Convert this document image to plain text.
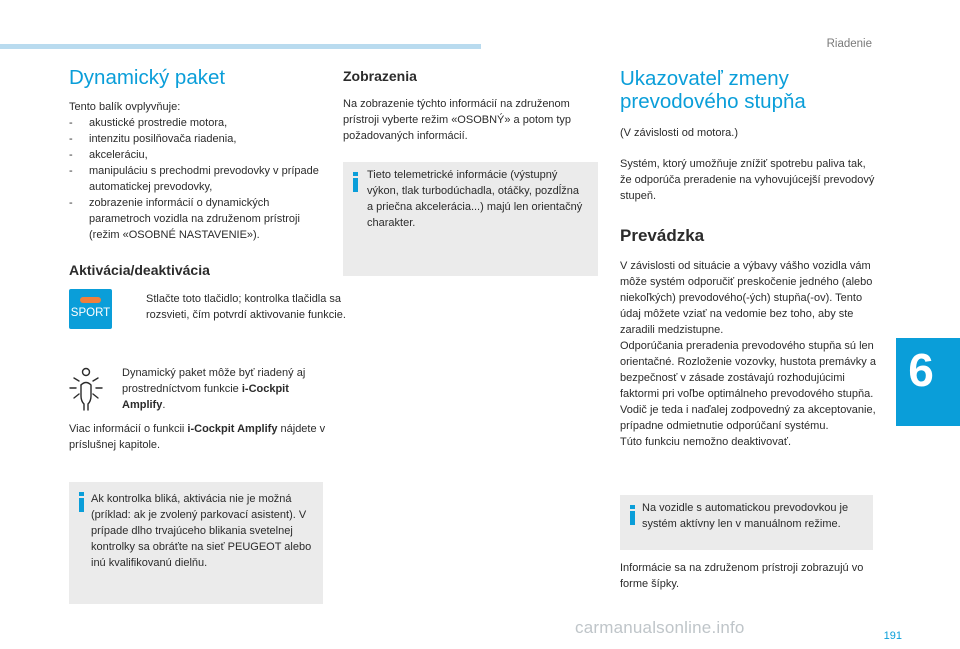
Riadenie
6
191
carmanualsonline.info
Dynamický paket

Tento balík ovplyvňuje:

- akustické prostredie motora,
- intenzitu posilňovača riadenia,
- akceleráciu,
- manipuláciu s prechodmi prevodovky v prípade automatickej prevodovky,
- zobrazenie informácií o dynamických parametroch vozidla na združenom prístroji (režim «OSOBNÉ NASTAVENIE»).
Aktivácia/deaktivácia
SPORT
Stlačte toto tlačidlo; kontrolka tlačidla sa rozsvieti, čím potvrdí aktivovanie funkcie.
Dynamický paket môže byť riadený aj prostredníctvom funkcie i-Cockpit Amplify.
Viac informácií o funkcii i-Cockpit Amplify nájdete v príslušnej kapitole.
Ak kontrolka bliká, aktivácia nie je možná (príklad: ak je zvolený parkovací asistent). V prípade dlho trvajúceho blikania svetelnej kontrolky sa obráťte na sieť PEUGEOT alebo inú kvalifikovanú dielňu.
Zobrazenia
Na zobrazenie týchto informácií na združenom prístroji vyberte režim «OSOBNÝ» a potom typ požadovaných informácií.
Tieto telemetrické informácie (výstupný výkon, tlak turbodúchadla, otáčky, pozdĺžna a priečna akcelerácia...) majú len orientačný charakter.
Ukazovateľ zmeny
prevodového stupňa
(V závislosti od motora.)
Systém, ktorý umožňuje znížiť spotrebu paliva tak, že odporúča preradenie na vyhovujúcejší prevodový stupeň.
Prevádzka

V závislosti od situácie a výbavy vášho vozidla vám môže systém odporučiť preskočenie jedného (alebo niekoľkých) prevodového(-ých) stupňa(-ov). Tento údaj môžete vziať na vedomie bez toho, aby ste zaradili medzistupne.

Odporúčania preradenia prevodového stupňa sú len orientačné. Rozloženie vozovky, hustota premávky a bezpečnosť v zásade zostávajú rozhodujúcimi faktormi pri voľbe optimálneho prevodového stupňa. Vodič je teda i naďalej zodpovedný za akceptovanie, prípadne odmietnutie odporúčaní systému.

Túto funkciu nemožno deaktivovať.

Na vozidle s automatickou prevodovkou je systém aktívny len v manuálnom režime.
Informácie sa na združenom prístroji zobrazujú vo forme šípky.
